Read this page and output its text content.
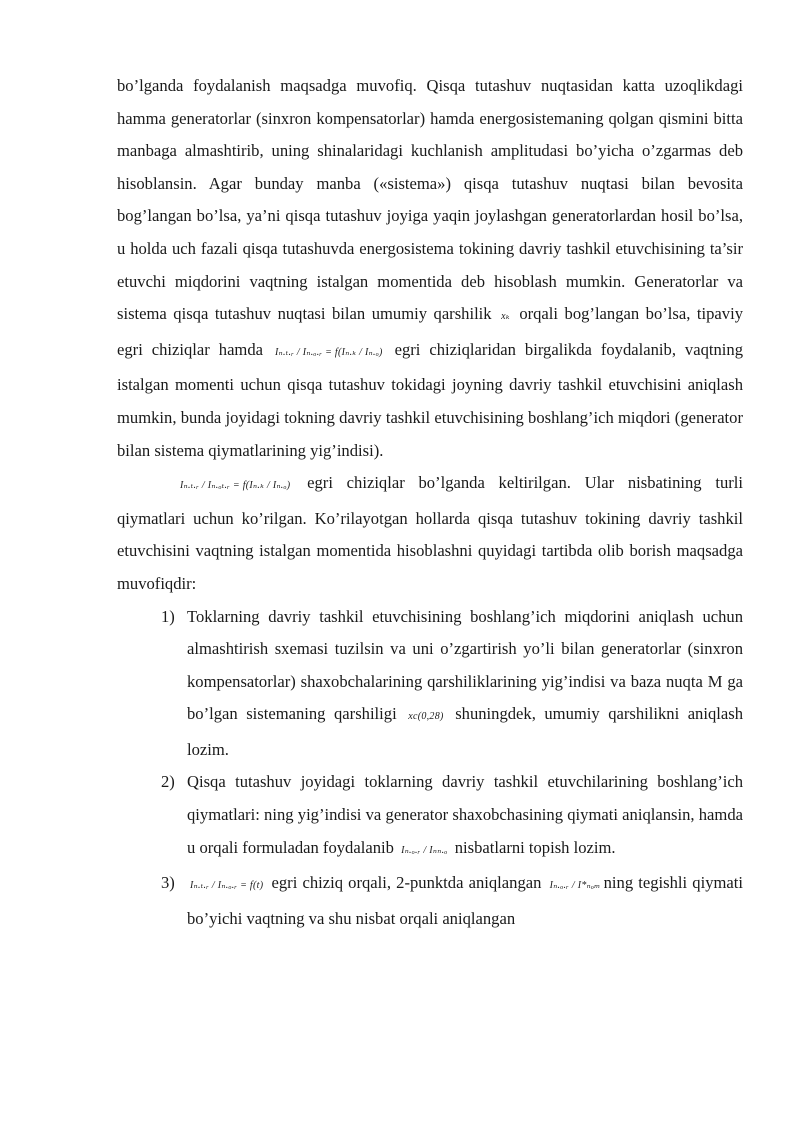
bo’lganda foydalanish maqsadga muvofiq. Qisqa tutashuv nuqtasidan katta uzoqlikdagi hamma generatorlar (sinxron kompensatorlar) hamda energosistemaning qolgan qismini bitta manbaga almashtirib, uning shinalaridagi kuchlanish amplitudasi bo’yicha o’zgarmas deb hisoblansin. Agar bunday manba («sistema») qisqa tutashuv nuqtasi bilan bevosita bog’langan bo’lsa, ya’ni qisqa tutashuv joyiga yaqin joylashgan generatorlardan hosil bo’lsa, u holda uch fazali qisqa tutashuvda energosistema tokining davriy tashkil etuvchisining ta’sir etuvchi miqdorini vaqtning istalgan momentida deb hisoblash mumkin. Generatorlar va sistema qisqa tutashuv nuqtasi bilan umumiy qarshilik xₖ orqali bog’langan bo’lsa, tipaviy egri chiziqlar hamda Iₙ.ₜ.ᵣ / Iₙ.ₒ.ᵣ = f(Iₙ.ₖ / Iₙ.ₒ) egri chiziqlaridan birgalikda foydalanib, vaqtning istalgan momenti uchun qisqa tutashuv tokidagi joyning davriy tashkil etuvchisini aniqlash mumkin, bunda joyidagi tokning davriy tashkil etuvchisining boshlang’ich miqdori (generator bilan sistema qiymatlarining yig’indisi).

Iₙ.ₜ.ᵣ / Iₙ.ₒₜ.ᵣ = f(Iₙ.ₖ / Iₙ.ₒ) egri chiziqlar bo’lganda keltirilgan. Ular nisbatining turli qiymatlari uchun ko’rilgan. Ko’rilayotgan hollarda qisqa tutashuv tokining davriy tashkil etuvchisini vaqtning istalgan momentida hisoblashni quyidagi tartibda olib borish maqsadga muvofiqdir:

1) Toklarning davriy tashkil etuvchisining boshlang’ich miqdorini aniqlash uchun almashtirish sxemasi tuzilsin va uni o’zgartirish yo’li bilan generatorlar (sinxron kompensatorlar) shaxobchalarining qarshiliklarining yig’indisi va baza nuqta M ga bo’lgan sistemaning qarshiligi xc(0,28) shuningdek, umumiy qarshilikni aniqlash lozim.
2) Qisqa tutashuv joyidagi toklarning davriy tashkil etuvchilarining boshlang’ich qiymatlari: ning yig’indisi va generator shaxobchasining qiymati aniqlansin, hamda u orqali formuladan foydalanib Iₙ.ₒ.ᵣ / Iₙₙ.ₒ nisbatlarni topish lozim.
3) Iₙ.ₜ.ᵣ / Iₙ.ₒ.ᵣ = f(t) egri chiziq orqali, 2-punktda aniqlangan Iₙ.ₒ.ᵣ / I*ₙₒₘ ning tegishli qiymati bo’yichi vaqtning va shu nisbat orqali aniqlangan
